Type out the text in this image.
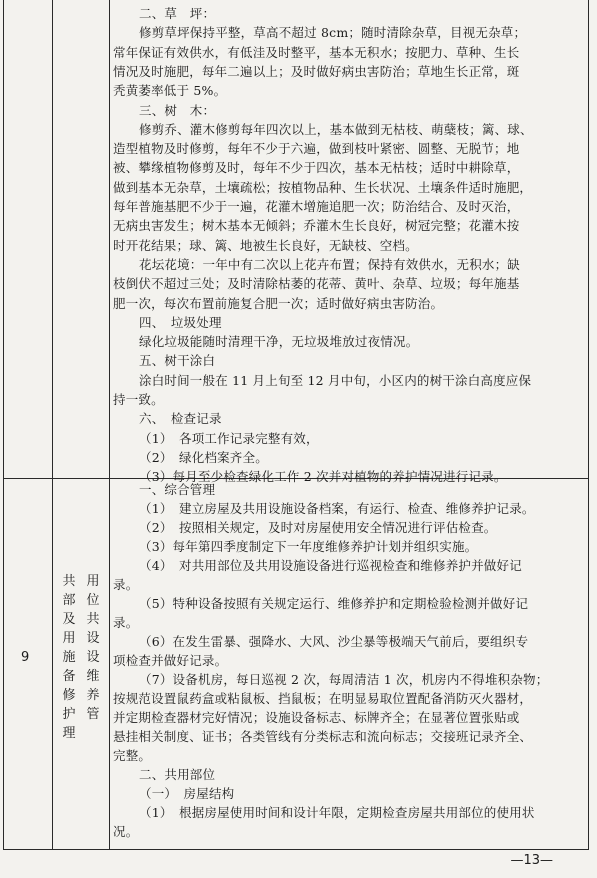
9
共部及用施备修护理
用位共设设维养管
二、草　坪：
修剪草坪保持平整，草高不超过 8cm；随时清除杂草，目视无杂草；
常年保证有效供水，有低洼及时整平，基本无积水；按肥力、草种、生长
情况及时施肥，每年二遍以上；及时做好病虫害防治；草地生长正常，斑
秃黄萎率低于 5%。
三、树　木：
修剪乔、灌木修剪每年四次以上，基本做到无枯枝、萌蘖枝；篱、球、
造型植物及时修剪，每年不少于六遍，做到枝叶紧密、圆整、无脱节；地
被、攀缘植物修剪及时，每年不少于四次，基本无枯枝；适时中耕除草，
做到基本无杂草，土壤疏松；按植物品种、生长状况、土壤条件适时施肥，
每年普施基肥不少于一遍，花灌木增施追肥一次；防治结合、及时灭治，
无病虫害发生；树木基本无倾斜；乔灌木生长良好，树冠完整；花灌木按
时开花结果；球、篱、地被生长良好，无缺枝、空档。
花坛花境：一年中有二次以上花卉布置；保持有效供水，无积水；缺
枝倒伏不超过三处；及时清除枯萎的花蒂、黄叶、杂草、垃圾；每年施基
肥一次，每次布置前施复合肥一次；适时做好病虫害防治。
四、　垃圾处理
绿化垃圾能随时清理干净，无垃圾堆放过夜情况。
五、树干涂白
涂白时间一般在 11 月上旬至 12 月中旬，小区内的树干涂白高度应保
持一致。
六、　检查记录
（1）　各项工作记录完整有效，
（2）　绿化档案齐全。
（3）每月至少检查绿化工作 2 次并对植物的养护情况进行记录。
一、综合管理
（1）　建立房屋及共用设施设备档案，有运行、检查、维修养护记录。
（2）　按照相关规定，及时对房屋使用安全情况进行评估检查。
（3）每年第四季度制定下一年度维修养护计划并组织实施。
（4）　对共用部位及共用设施设备进行巡视检查和维修养护并做好记
录。
（5）特种设备按照有关规定运行、维修养护和定期检验检测并做好记
录。
（6）在发生雷暴、强降水、大风、沙尘暴等极端天气前后，要组织专
项检查并做好记录。
（7）设备机房，每日巡视 2 次，每周清洁 1 次，机房内不得堆积杂物；
按规范设置鼠药盒或粘鼠板、挡鼠板；在明显易取位置配备消防灭火器材，
并定期检查器材完好情况；设施设备标志、标牌齐全；在显著位置张贴或
悬挂相关制度、证书；各类管线有分类标志和流向标志；交接班记录齐全、
完整。
二、共用部位
（一）　房屋结构
（1）　根据房屋使用时间和设计年限，定期检查房屋共用部位的使用状
况。
—13—
